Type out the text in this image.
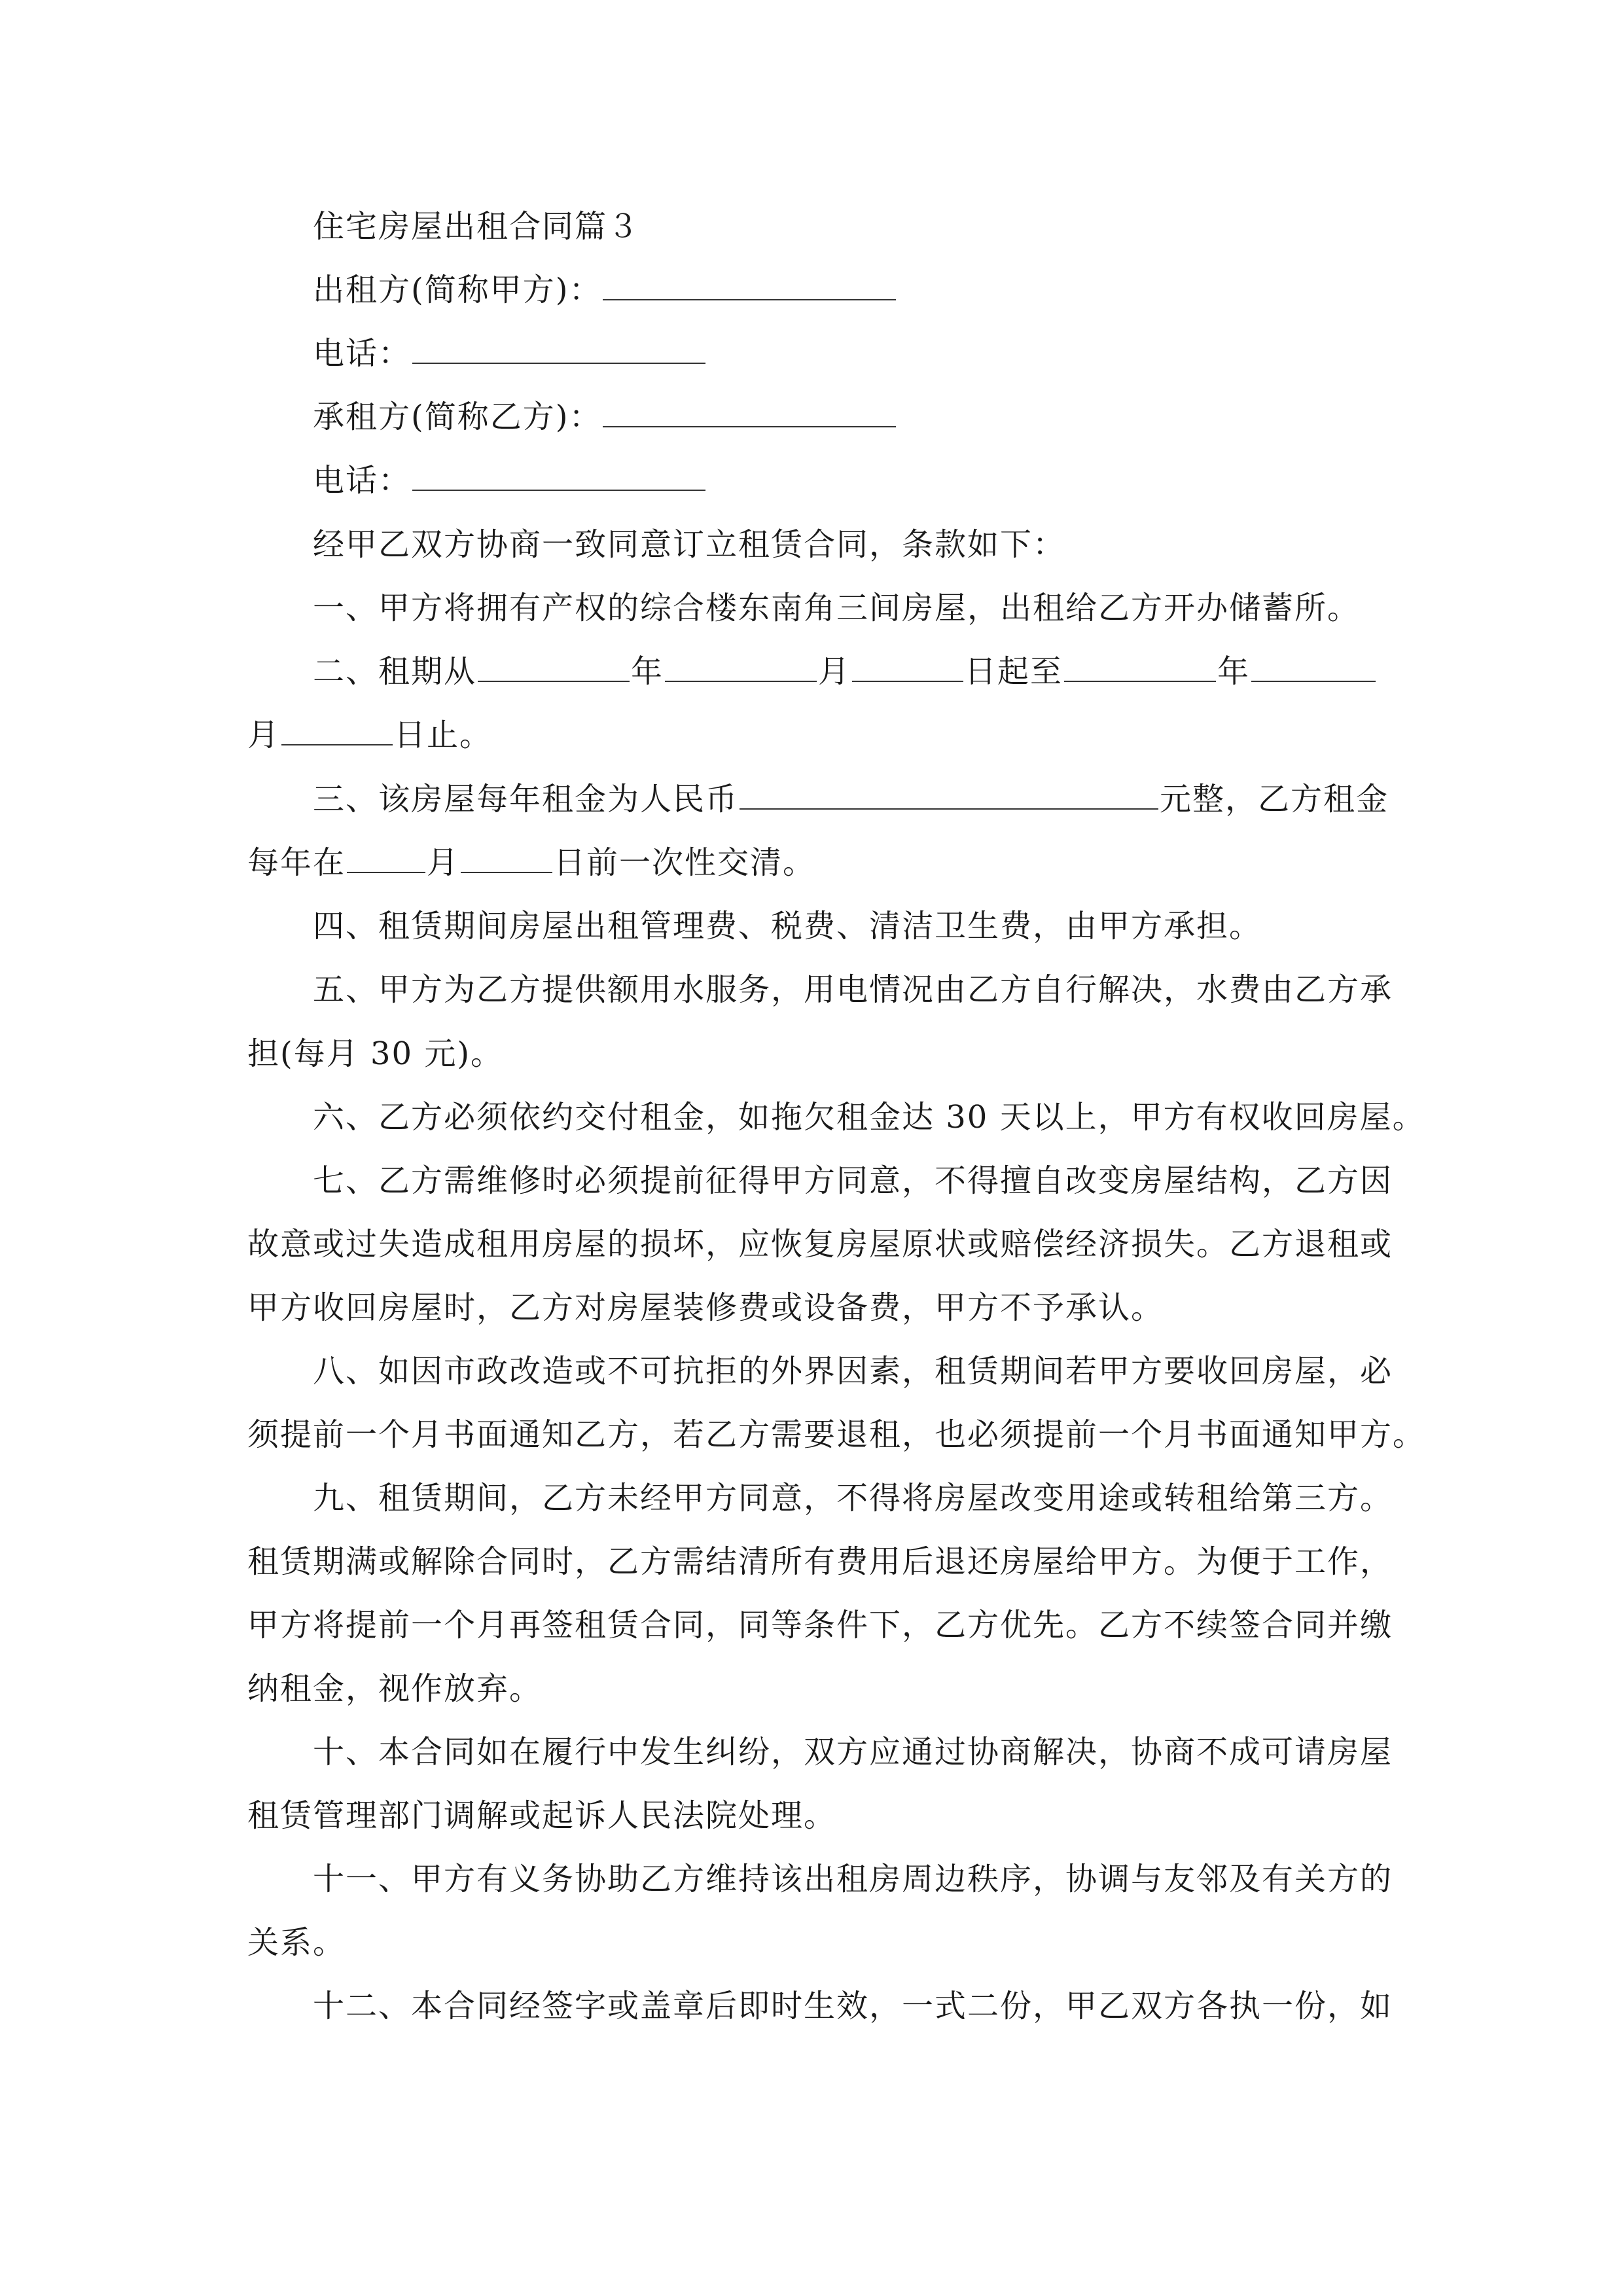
住宅房屋出租合同篇３
出租方(简称甲方)：
电话：
承租方(简称乙方)：
电话：
经甲乙双方协商一致同意订立租赁合同，条款如下：
一、甲方将拥有产权的综合楼东南角三间房屋，出租给乙方开办储蓄所。
二、租期从	年	月	日起至	年
月	日止。
三、该房屋每年租金为人民币	元整，乙方租金
每年在	月	日前一次性交清。
四、租赁期间房屋出租管理费、税费、清洁卫生费，由甲方承担。
五、甲方为乙方提供额用水服务，用电情况由乙方自行解决，水费由乙方承
担(每月 30 元)。
六、乙方必须依约交付租金，如拖欠租金达 30 天以上，甲方有权收回房屋。
七、乙方需维修时必须提前征得甲方同意，不得擅自改变房屋结构，乙方因
故意或过失造成租用房屋的损坏，应恢复房屋原状或赔偿经济损失。乙方退租或
甲方收回房屋时，乙方对房屋装修费或设备费，甲方不予承认。
八、如因市政改造或不可抗拒的外界因素，租赁期间若甲方要收回房屋，必
须提前一个月书面通知乙方，若乙方需要退租，也必须提前一个月书面通知甲方。
九、租赁期间，乙方未经甲方同意，不得将房屋改变用途或转租给第三方。
租赁期满或解除合同时，乙方需结清所有费用后退还房屋给甲方。为便于工作，
甲方将提前一个月再签租赁合同，同等条件下，乙方优先。乙方不续签合同并缴
纳租金，视作放弃。
十、本合同如在履行中发生纠纷，双方应通过协商解决，协商不成可请房屋
租赁管理部门调解或起诉人民法院处理。
十一、甲方有义务协助乙方维持该出租房周边秩序，协调与友邻及有关方的
关系。
十二、本合同经签字或盖章后即时生效，一式二份，甲乙双方各执一份，如
